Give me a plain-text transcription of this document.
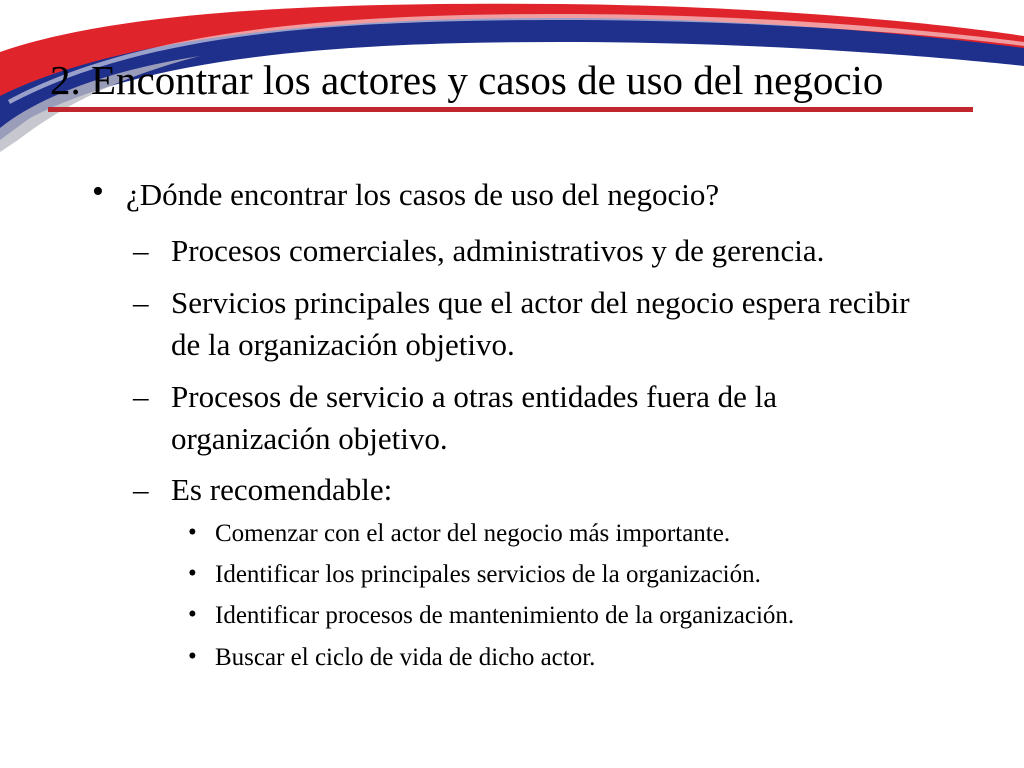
2. Encontrar los actores y casos de uso del negocio
• ¿Dónde encontrar los casos de uso del negocio?
– Procesos comerciales, administrativos y de gerencia.
– Servicios principales que el actor del negocio espera recibir de la organización objetivo.
– Procesos de servicio a otras entidades fuera de la organización objetivo.
– Es recomendable:
• Comenzar con el actor del negocio más importante.
• Identificar los principales servicios de la organización.
• Identificar procesos de mantenimiento de la organización.
• Buscar el ciclo de vida de dicho actor.
